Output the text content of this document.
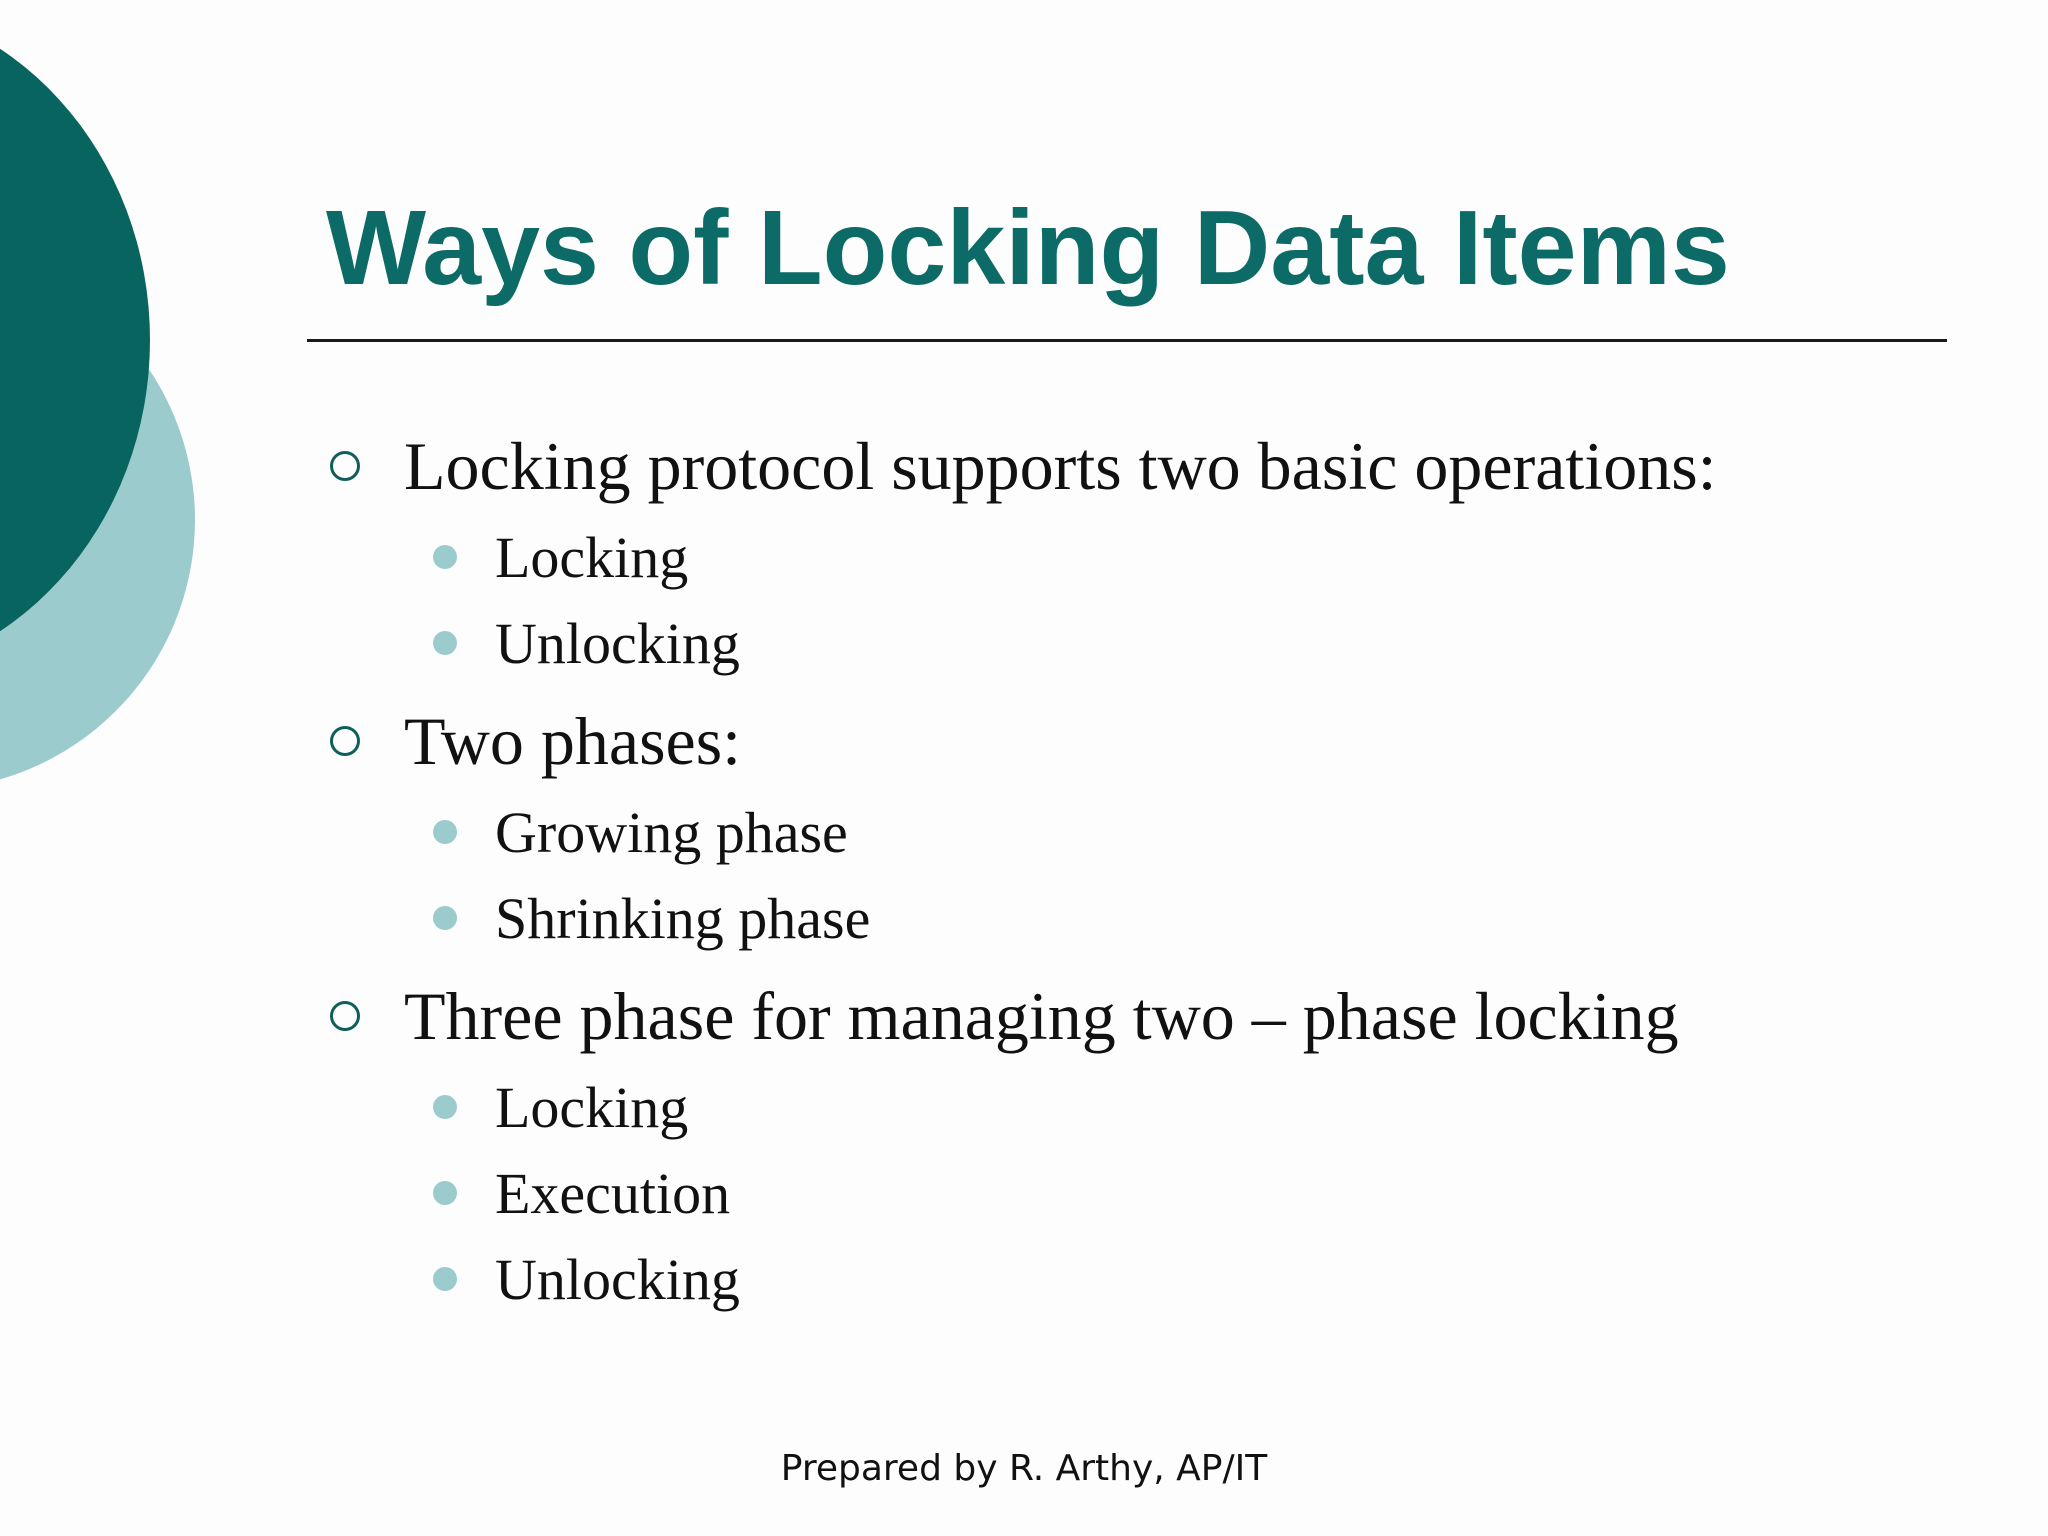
Ways of Locking Data Items
Locking protocol supports two basic operations:
Locking
Unlocking
Two phases:
Growing phase
Shrinking phase
Three phase for managing two – phase locking
Locking
Execution
Unlocking
Prepared by R. Arthy, AP/IT
